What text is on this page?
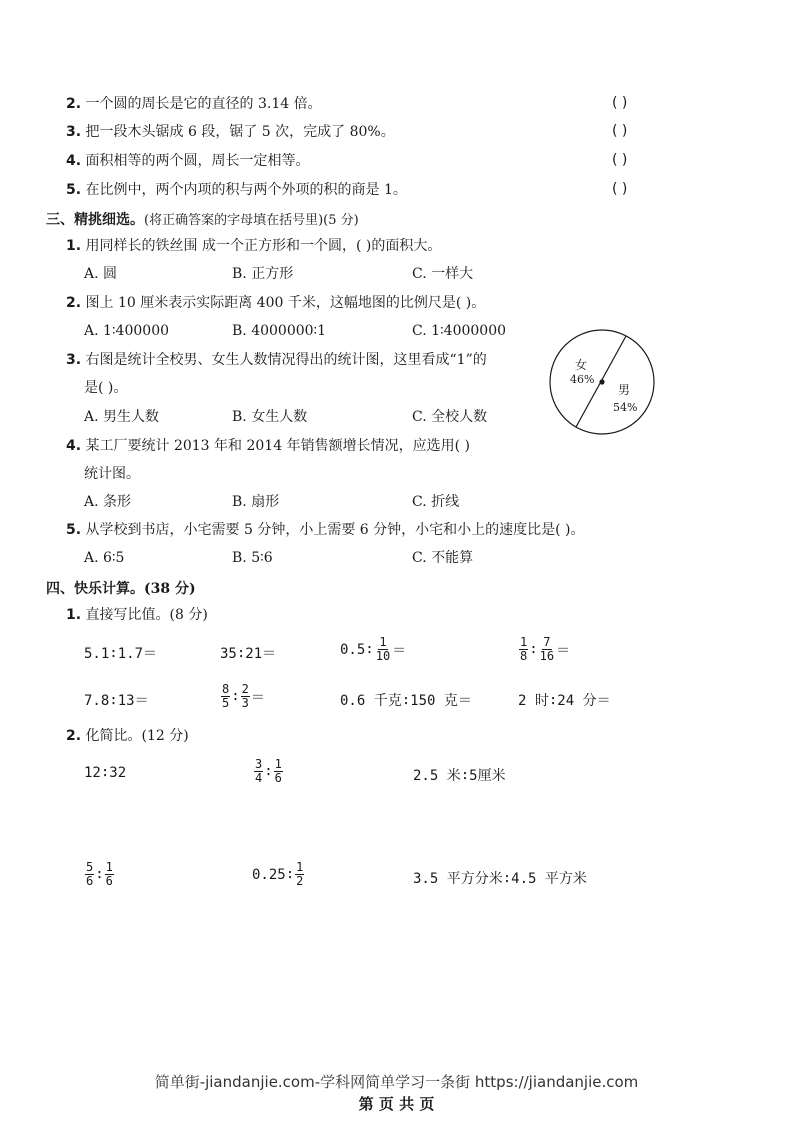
2. 一个圆的周长是它的直径的 3.14 倍。	( )
3. 把一段木头锯成 6 段，锯了 5 次，完成了 80%。	( )
4. 面积相等的两个圆，周长一定相等。	( )
5. 在比例中，两个内项的积与两个外项的积的商是 1。	( )
三、精挑细选。(将正确答案的字母填在括号里)(5 分)
1. 用同样长的铁丝围 成一个正方形和一个圆，( )的面积大。
A. 圆	B. 正方形	C. 一样大
2. 图上 10 厘米表示实际距离 400 千米，这幅地图的比例尺是( )。
A. 1∶400000	B. 4000000∶1	C. 1∶4000000
3. 右图是统计全校男、女生人数情况得出的统计图，这里看成“1”的
是( )。
A. 男生人数	B. 女生人数	C. 全校人数
女
46%
男
54%
4. 某工厂要统计 2013 年和 2014 年销售额增长情况，应选用( )
统计图。
A. 条形	B. 扇形	C. 折线
5. 从学校到书店，小宅需要 5 分钟，小上需要 6 分钟，小宅和小上的速度比是( )。
A. 6∶5	B. 5∶6	C. 不能算
四、快乐计算。(38 分)
1. 直接写比值。(8 分)
5.1∶1.7＝	35∶21＝	0.5∶ $\frac{1}{10}$ ＝	$\frac{1}{8}$ ∶ $\frac{7}{16}$ ＝
7.8∶13＝	$\frac{8}{5}$ ∶ $\frac{2}{3}$ ＝	0.6 千克∶150 克＝	2 时∶24 分＝
2. 化简比。(12 分)
12∶32	$\frac{3}{4}$ ∶ $\frac{1}{6}$	2.5 米∶5厘米
$\frac{5}{6}$ ∶ $\frac{1}{6}$	0.25∶ $\frac{1}{2}$	3.5 平方分米∶4.5 平方米
简单街-jiandanjie.com-学科网简单学习一条街 https://jiandanjie.com
第 页 共 页
